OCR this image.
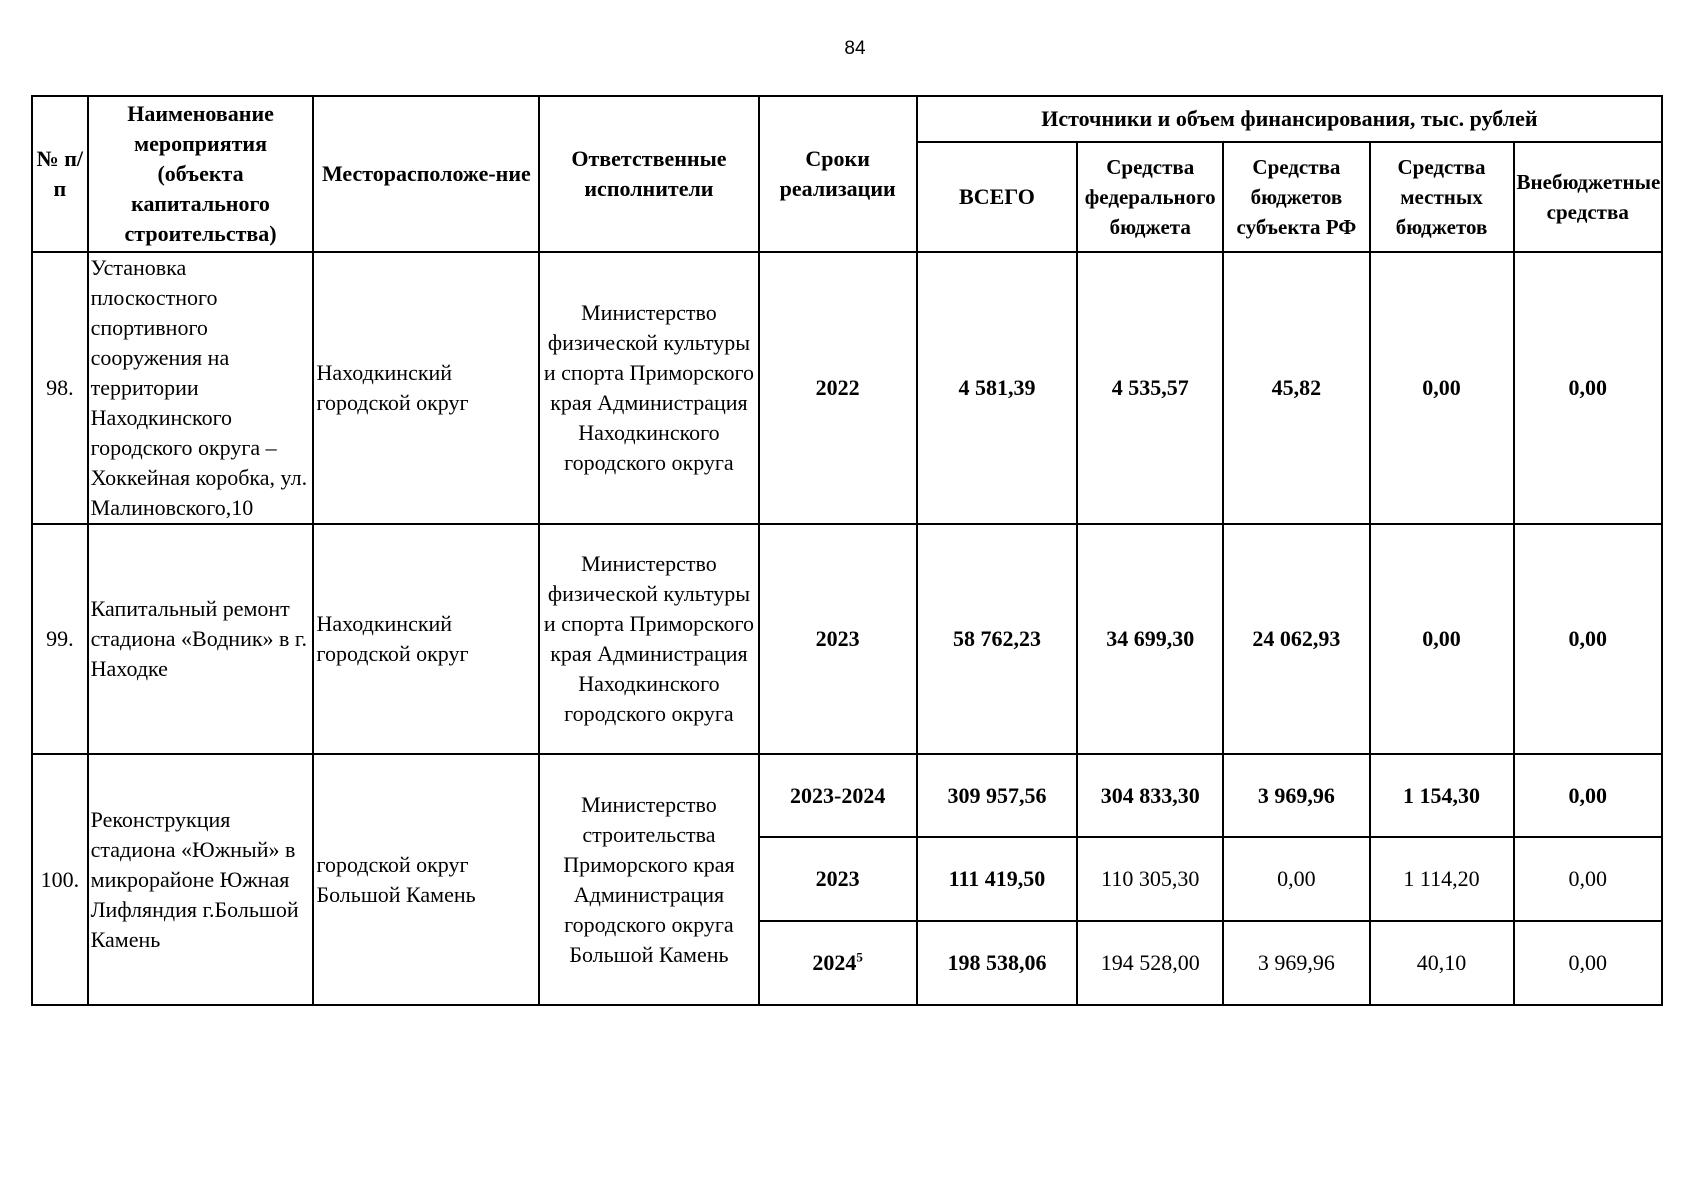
84
№ п/п	Наименование мероприятия (объекта капитального строительства)	Месторасположе-ние	Ответственные исполнители	Сроки реализации	Источники и объем финансирования, тыс. рублей				
					ВСЕГО	Средства федерального бюджета	Средства бюджетов субъекта РФ	Средства местных бюджетов	Внебюджетные средства
98.	Установка плоскостного спортивного сооружения на территории Находкинского городского округа – Хоккейная коробка, ул. Малиновского,10	Находкинский городской округ	Министерство физической культуры и спорта Приморского края Администрация Находкинского городского округа	2022	4 581,39	4 535,57	45,82	0,00	0,00
99.	Капитальный ремонт стадиона «Водник» в г. Находке	Находкинский городской округ	Министерство физической культуры и спорта Приморского края Администрация Находкинского городского округа	2023	58 762,23	34 699,30	24 062,93	0,00	0,00
100.	Реконструкция стадиона «Южный» в микрорайоне Южная Лифляндия г.Большой Камень	городской округ Большой Камень	Министерство строительства Приморского края Администрация городского округа Большой Камень	2023-2024	309 957,56	304 833,30	3 969,96	1 154,30	0,00
				2023	111 419,50	110 305,30	0,00	1 114,20	0,00
				2024$^5$	198 538,06	194 528,00	3 969,96	40,10	0,00
